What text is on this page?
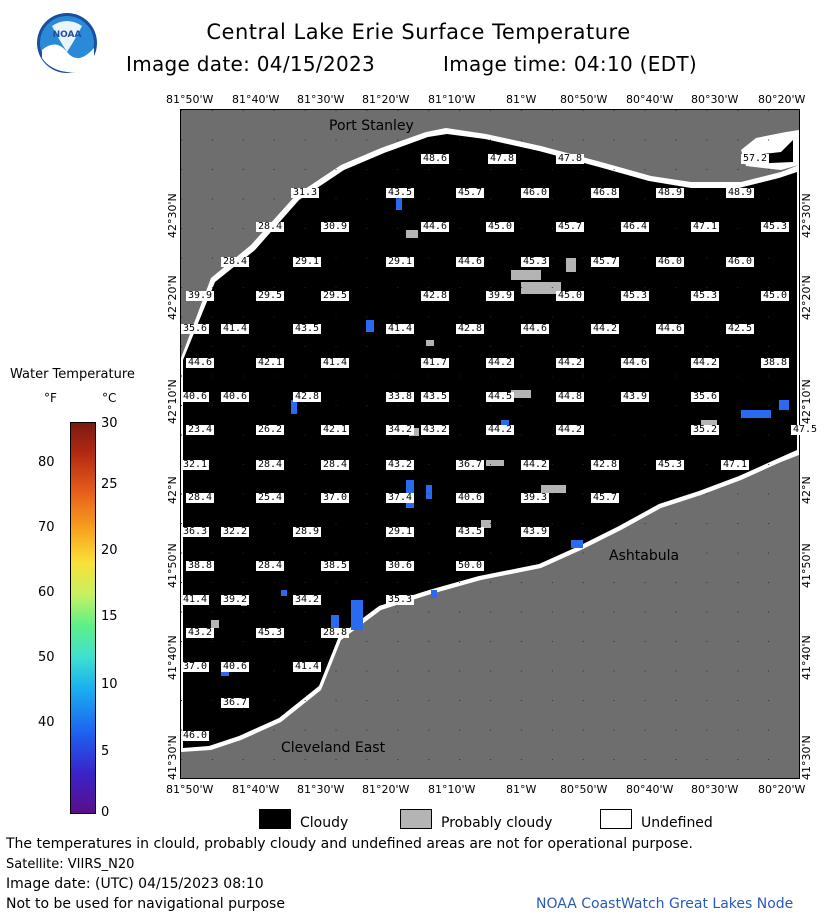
NOAA	Central Lake Erie Surface Temperature
Image date: 04/15/2023	Image time: 04:10 (EDT)
81°50'W 81°40'W 81°30'W 81°20'W 81°10'W	81°W 80°50'W 80°40'W 80°30'W 80°20'W
81°50'W 81°40'W 81°30'W 81°20'W 81°10'W	81°W 80°50'W 80°40'W 80°30'W 80°20'W
42°30'N
42°20'N
42°10'N
42°N
41°50'N
41°40'N
41°30'N
42°30'N
42°20'N
42°10'N
42°N
41°50'N
41°40'N
41°30'N
48.6	47.8	47.8	57.2
31.3	43.5	45.7	46.0	46.8	48.9	48.9
28.4	30.9	44.6	45.0	45.7	46.4	47.1	45.3
28.4	29.1	29.1	44.6	45.3	45.7	46.0	46.0
39.9	29.5	29.5	42.8	39.9	45.0	45.3	45.3	45.0
35.6 41.4	43.5	41.4	42.8	44.6	44.2	44.6	42.5
44.6	42.1	41.4	41.7	44.2	44.2	44.6	44.2	38.8
40.6 40.6	42.8	33.8 43.5	44.5	44.8	43.9	35.6
23.4	26.2	42.1	34.2 43.2	44.2	44.2	35.2	47.5
32.1	28.4	28.4	43.2	36.7	44.2	42.8	45.3	47.1
28.4	25.4	37.0	37.4	40.6	39.3	45.7
36.3 32.2	28.9	29.1	43.5	43.9
38.8	28.4	38.5	30.6	50.0
41.4 39.2	34.2	35.3
43.2	45.3	28.8
37.0 40.6	41.4
36.7
46.0
Port Stanley
Ashtabula
Cleveland East
Water Temperature
°F	°C
80
70
60
50
40
30
25
20
15
10
5
0
Cloudy	Probably cloudy	Undefined
The temperatures in clould, probably cloudy and undefined areas are not for operational purpose.
Satellite: VIIRS_N20
Image date: (UTC) 04/15/2023 08:10
Not to be used for navigational purpose	NOAA CoastWatch Great Lakes Node
